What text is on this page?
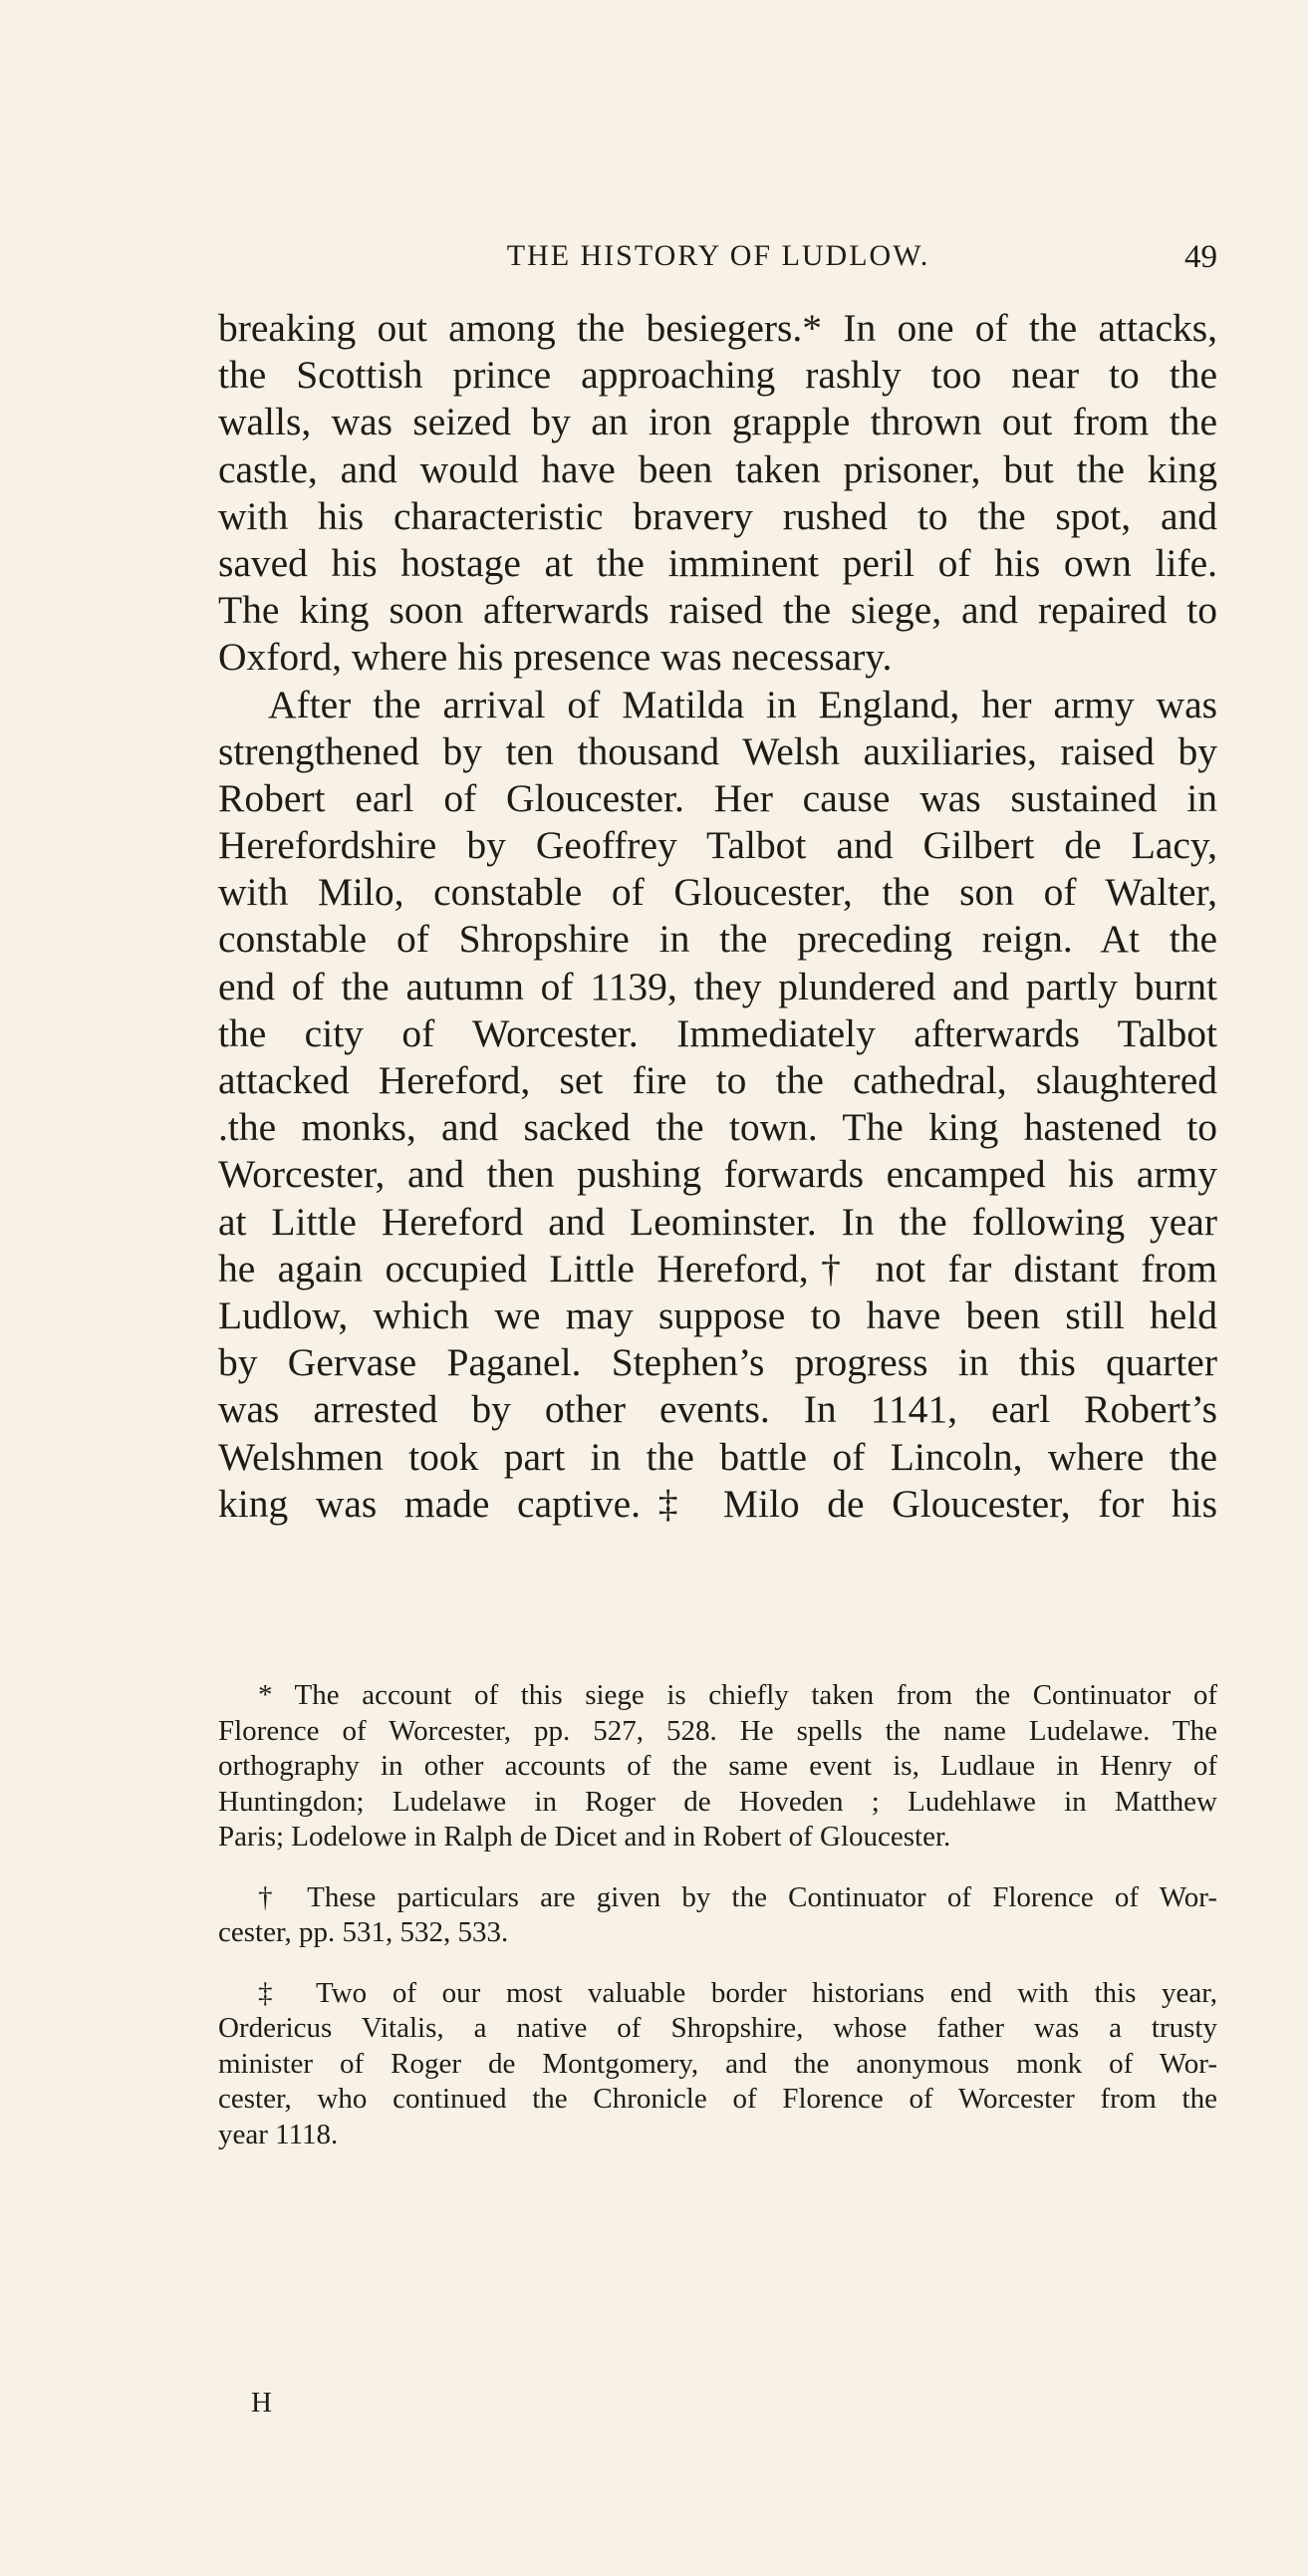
THE HISTORY OF LUDLOW.	49
breaking out among the besiegers.* In one of the attacks,
the Scottish prince approaching rashly too near to the
walls, was seized by an iron grapple thrown out from the
castle, and would have been taken prisoner, but the king
with his characteristic bravery rushed to the spot, and
saved his hostage at the imminent peril of his own life.
The king soon afterwards raised the siege, and repaired to
Oxford, where his presence was necessary.
After the arrival of Matilda in England, her army was
strengthened by ten thousand Welsh auxiliaries, raised by
Robert earl of Gloucester. Her cause was sustained in
Herefordshire by Geoffrey Talbot and Gilbert de Lacy,
with Milo, constable of Gloucester, the son of Walter,
constable of Shropshire in the preceding reign. At the
end of the autumn of 1139, they plundered and partly burnt
the city of Worcester. Immediately afterwards Talbot
attacked Hereford, set fire to the cathedral, slaughtered
.the monks, and sacked the town. The king hastened to
Worcester, and then pushing forwards encamped his army
at Little Hereford and Leominster. In the following year
he again occupied Little Hereford,† not far distant from
Ludlow, which we may suppose to have been still held
by Gervase Paganel. Stephen’s progress in this quarter
was arrested by other events. In 1141, earl Robert’s
Welshmen took part in the battle of Lincoln, where the
king was made captive.‡ Milo de Gloucester, for his
* The account of this siege is chiefly taken from the Continuator of
Florence of Worcester, pp. 527, 528. He spells the name Ludelawe. The
orthography in other accounts of the same event is, Ludlaue in Henry of
Huntingdon; Ludelawe in Roger de Hoveden ; Ludehlawe in Matthew
Paris; Lodelowe in Ralph de Dicet and in Robert of Gloucester.
† These particulars are given by the Continuator of Florence of Wor-
cester, pp. 531, 532, 533.
‡ Two of our most valuable border historians end with this year,
Ordericus Vitalis, a native of Shropshire, whose father was a trusty
minister of Roger de Montgomery, and the anonymous monk of Wor-
cester, who continued the Chronicle of Florence of Worcester from the
year 1118.
H
